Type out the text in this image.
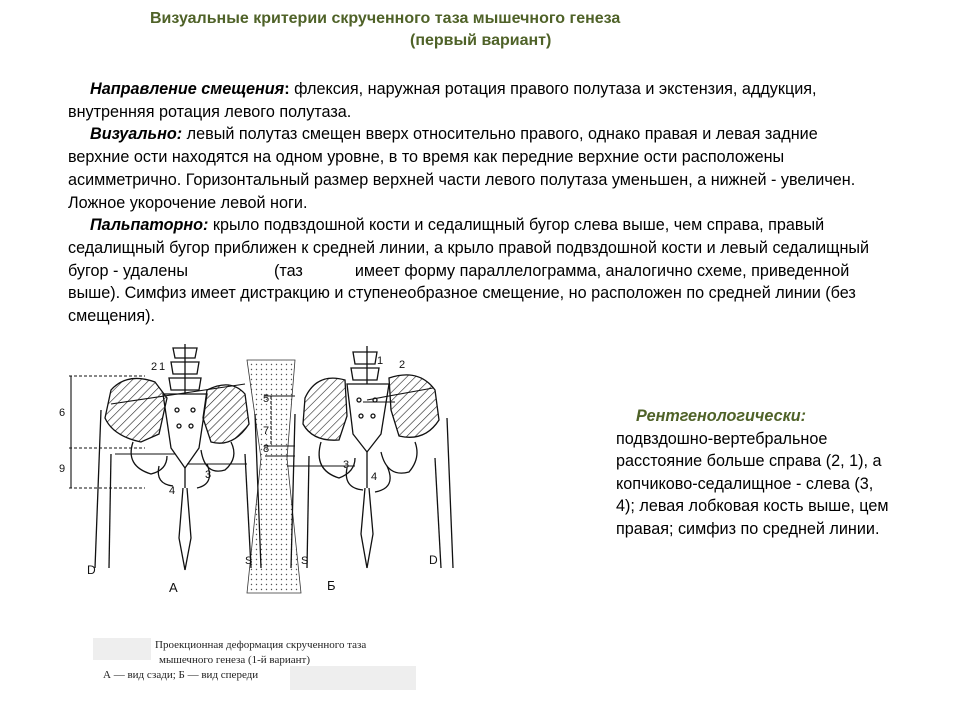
Визуальные критерии скрученного таза мышечного генеза
(первый вариант)

Направление смещения: флексия, наружная ротация правого полутаза и экстензия, аддукция, внутренняя ротация левого полутаза.

Визуально: левый полутаз смещен вверх относительно правого, однако правая и левая задние верхние ости находятся на одном уровне, в то время как передние верхние ости расположены асимметрично. Горизонтальный размер верхней части левого полутаза уменьшен, а нижней - увеличен. Ложное укорочение левой ноги.

Пальпаторно: крыло подвздошной кости и седалищный бугор слева выше, чем справа, правый седалищный бугор приближен к средней линии, а крыло правой подвздошной кости и левый седалищный бугор - удалены	(таз	имеет форму параллелограмма, аналогично схеме, приведенной выше). Симфиз имеет дистракцию и ступенеобразное смещение, но расположен по средней линии (без смещения).

1
2
3
4
5
6
7
8
9
D
D
S	S
А	Б
1 2
3
4
Рентгенологически:
подвздошно-вертебральное расстояние больше справа (2, 1), а копчиково-седалищное - слева (3, 4); левая лобковая кость выше, цем правая; симфиз по средней линии.
Проекционная деформация скрученного таза
мышечного генеза (1-й вариант)
А — вид сзади; Б — вид спереди
